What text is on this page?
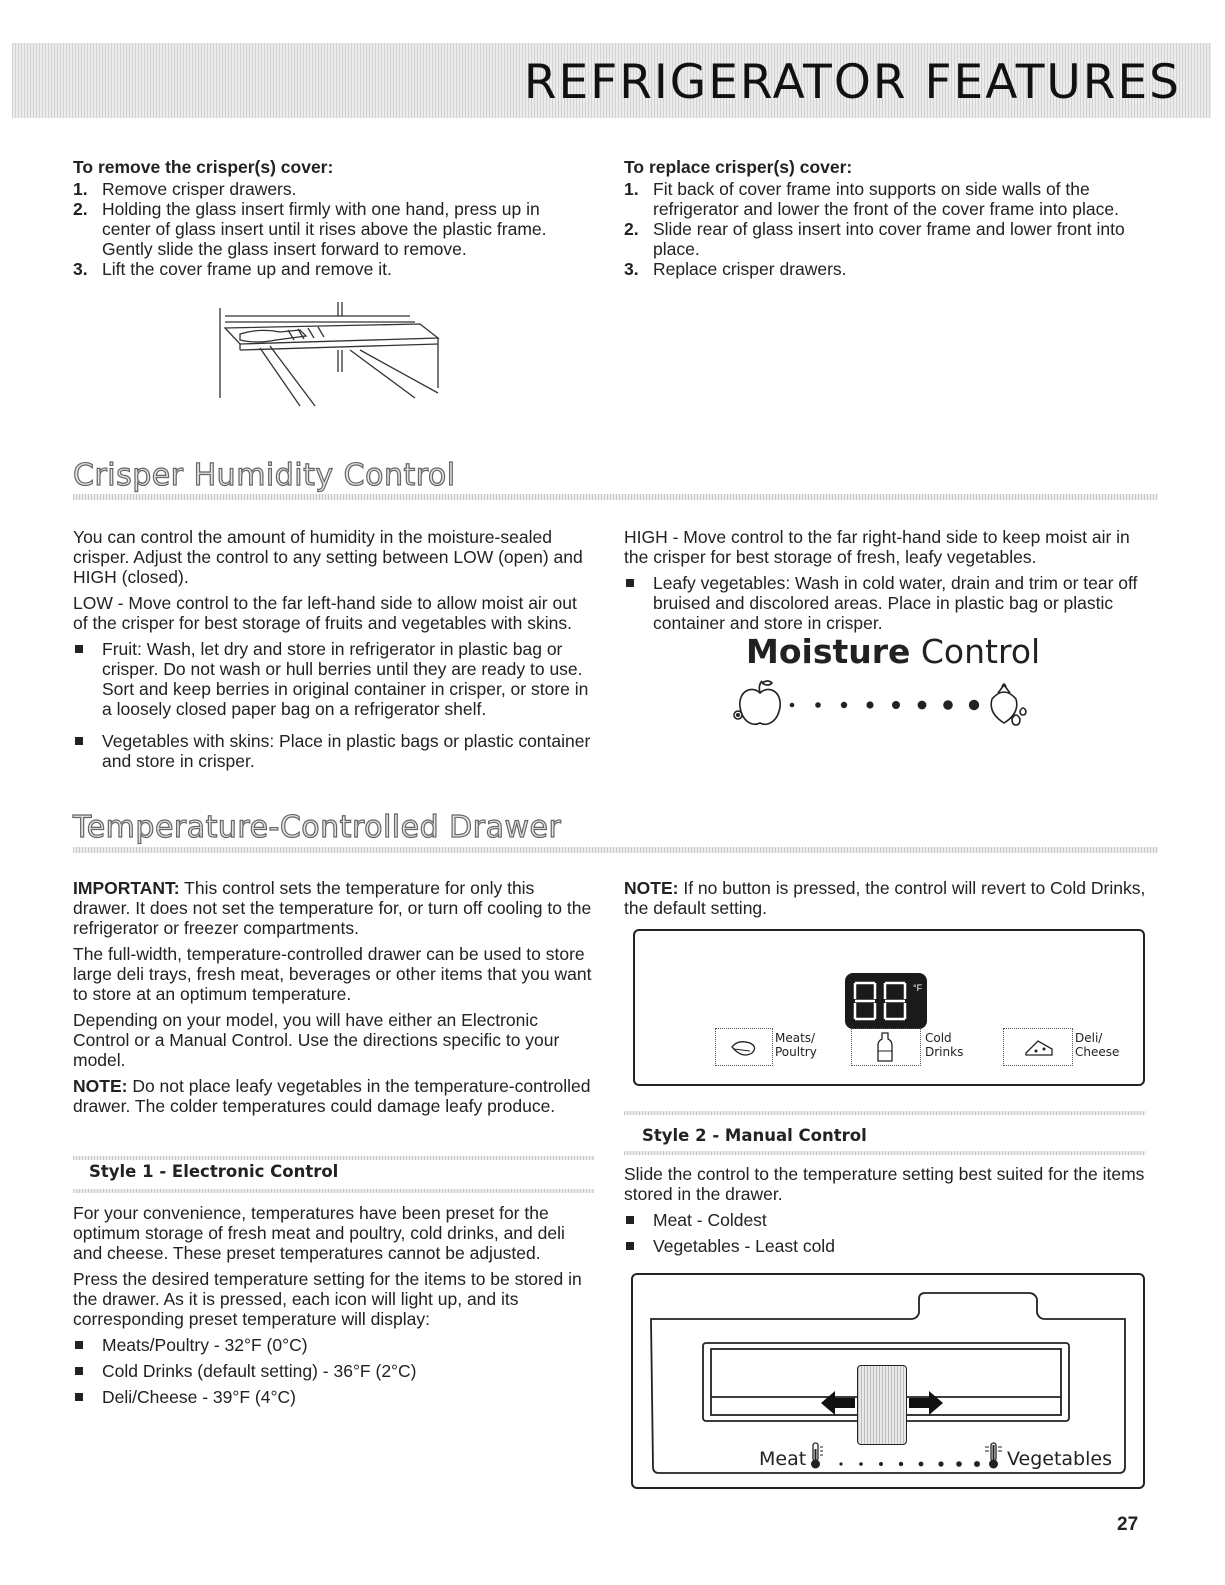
REFRIGERATOR FEATURES
To remove the crisper(s) cover:
1. Remove crisper drawers.
2. Holding the glass insert firmly with one hand, press up in center of glass insert until it rises above the plastic frame. Gently slide the glass insert forward to remove.
3. Lift the cover frame up and remove it.
To replace crisper(s) cover:
1. Fit back of cover frame into supports on side walls of the refrigerator and lower the front of the cover frame into place.
2. Slide rear of glass insert into cover frame and lower front into place.
3. Replace crisper drawers.
Crisper Humidity Control

You can control the amount of humidity in the moisture-sealed crisper. Adjust the control to any setting between LOW (open) and HIGH (closed).

LOW - Move control to the far left-hand side to allow moist air out of the crisper for best storage of fruits and vegetables with skins.

Fruit: Wash, let dry and store in refrigerator in plastic bag or crisper. Do not wash or hull berries until they are ready to use. Sort and keep berries in original container in crisper, or store in a loosely closed paper bag on a refrigerator shelf.
Vegetables with skins: Place in plastic bags or plastic container and store in crisper.

HIGH - Move control to the far right-hand side to keep moist air in the crisper for best storage of fresh, leafy vegetables.

Leafy vegetables: Wash in cold water, drain and trim or tear off bruised and discolored areas. Place in plastic bag or plastic container and store in crisper.
Moisture Control
Temperature-Controlled Drawer

IMPORTANT: This control sets the temperature for only this drawer. It does not set the temperature for, or turn off cooling to the refrigerator or freezer compartments.

The full-width, temperature-controlled drawer can be used to store large deli trays, fresh meat, beverages or other items that you want to store at an optimum temperature.

Depending on your model, you will have either an Electronic Control or a Manual Control. Use the directions specific to your model.

NOTE: Do not place leafy vegetables in the temperature-controlled drawer. The colder temperatures could damage leafy produce.

Style 1 - Electronic Control

For your convenience, temperatures have been preset for the optimum storage of fresh meat and poultry, cold drinks, and deli and cheese. These preset temperatures cannot be adjusted.

Press the desired temperature setting for the items to be stored in the drawer. As it is pressed, each icon will light up, and its corresponding preset temperature will display:

Meats/Poultry - 32°F (0°C)
Cold Drinks (default setting) - 36°F (2°C)
Deli/Cheese - 39°F (4°C)

NOTE: If no button is pressed, the control will revert to Cold Drinks, the default setting.

°F
Meats/
Poultry
Cold
Drinks
Deli/
Cheese
Style 2 - Manual Control

Slide the control to the temperature setting best suited for the items stored in the drawer.

Meat - Coldest
Vegetables - Least cold
Meat	Vegetables
27
